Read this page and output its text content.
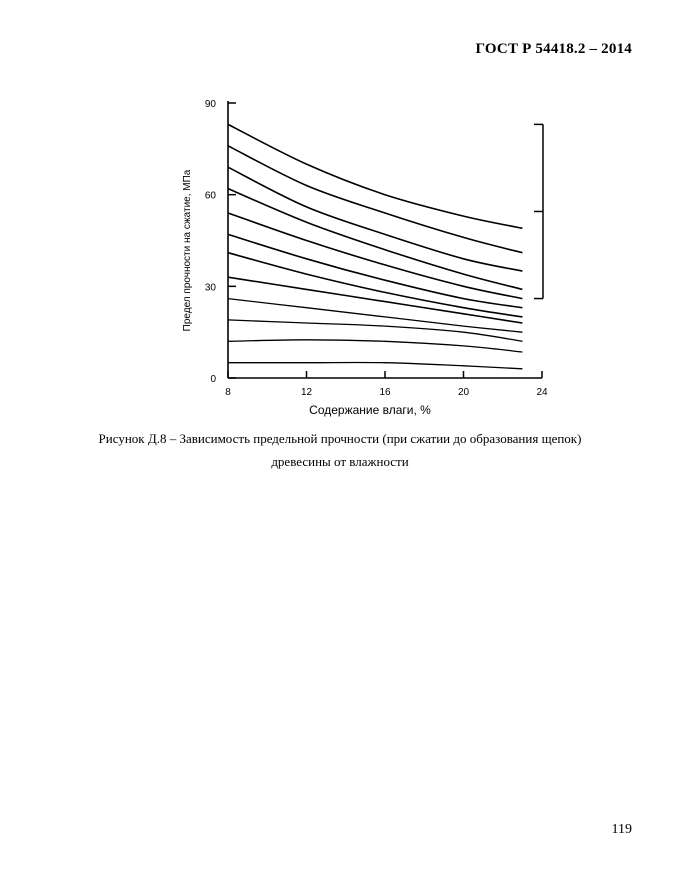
ГОСТ Р 54418.2 – 2014
0
30
60
90
8	12	16	20	24
Содержание влаги, %
Предел прочности на сжатие, МПа
Рисунок Д.8 – Зависимость предельной прочности (при сжатии до образования щепок)
древесины от влажности
119
